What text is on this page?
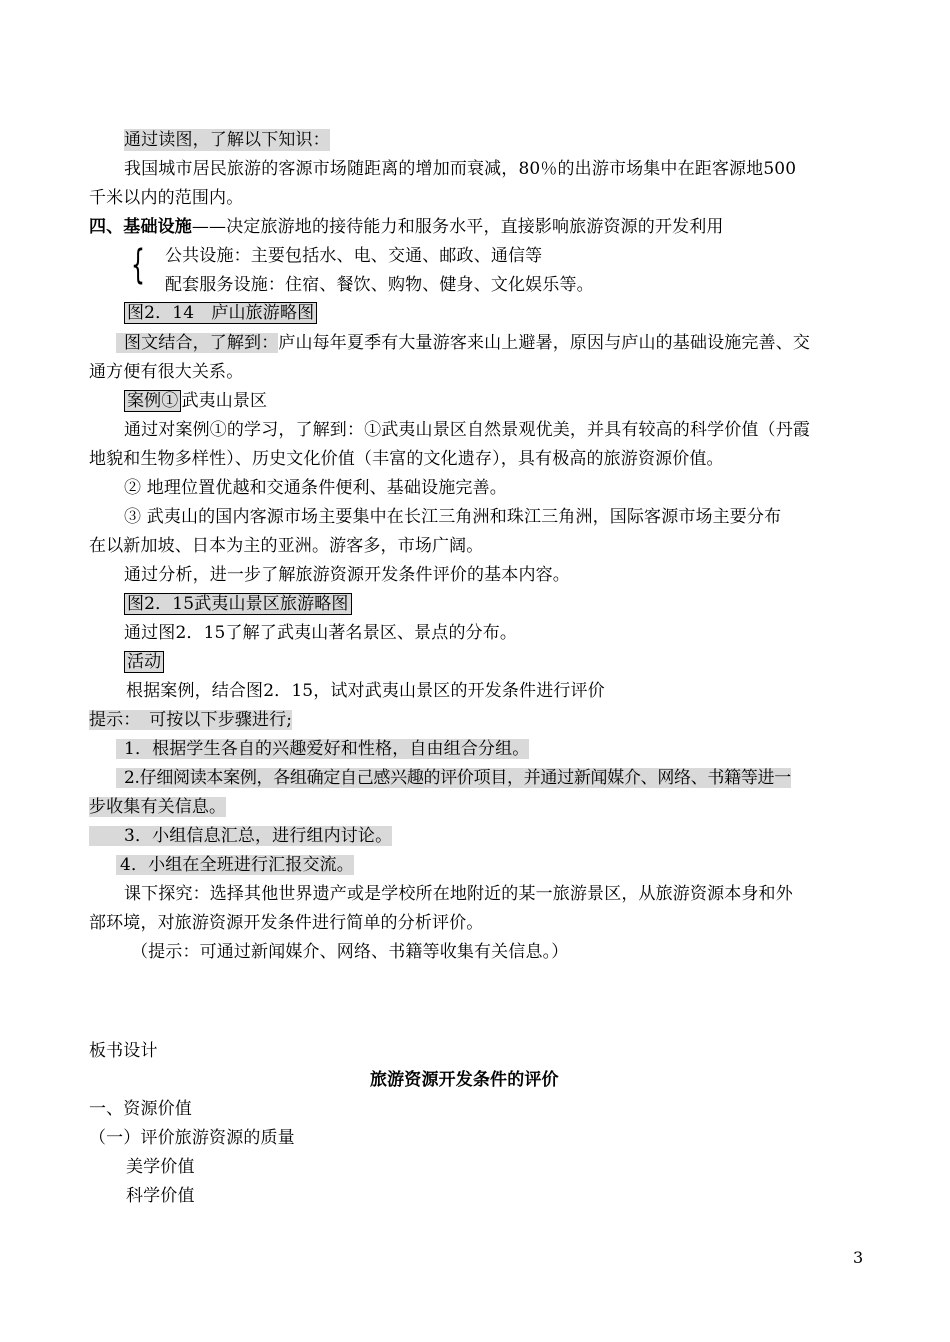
通过读图，了解以下知识：
我国城市居民旅游的客源市场随距离的增加而衰减，80％的出游市场集中在距客源地500
千米以内的范围内。
四、基础设施——决定旅游地的接待能力和服务水平，直接影响旅游资源的开发利用
{ 公共设施：主要包括水、电、交通、邮政、通信等
配套服务设施：住宿、餐饮、购物、健身、文化娱乐等。
图2．14　庐山旅游略图
图文结合，了解到：庐山每年夏季有大量游客来山上避暑，原因与庐山的基础设施完善、交
通方便有很大关系。
案例① 武夷山景区
通过对案例①的学习，了解到：①武夷山景区自然景观优美，并具有较高的科学价值（丹霞
地貌和生物多样性）、历史文化价值（丰富的文化遗存），具有极高的旅游资源价值。
② 地理位置优越和交通条件便利、基础设施完善。
③ 武夷山的国内客源市场主要集中在长江三角洲和珠江三角洲，国际客源市场主要分布
在以新加坡、日本为主的亚洲。游客多，市场广阔。
通过分析，进一步了解旅游资源开发条件评价的基本内容。
图2．15武夷山景区旅游略图
通过图2．15了解了武夷山著名景区、景点的分布。
活动
根据案例，结合图2．15，试对武夷山景区的开发条件进行评价
提示：　可按以下步骤进行;
1．根据学生各自的兴趣爱好和性格，自由组合分组。
2.仔细阅读本案例，各组确定自己感兴趣的评价项目，并通过新闻媒介、网络、书籍等进一
步收集有关信息。
3．小组信息汇总，进行组内讨论。
4．小组在全班进行汇报交流。
课下探究：选择其他世界遗产或是学校所在地附近的某一旅游景区，从旅游资源本身和外
部环境，对旅游资源开发条件进行简单的分析评价。
（提示：可通过新闻媒介、网络、书籍等收集有关信息。）
板书设计
旅游资源开发条件的评价
一、资源价值
（一）评价旅游资源的质量
美学价值
科学价值
3
